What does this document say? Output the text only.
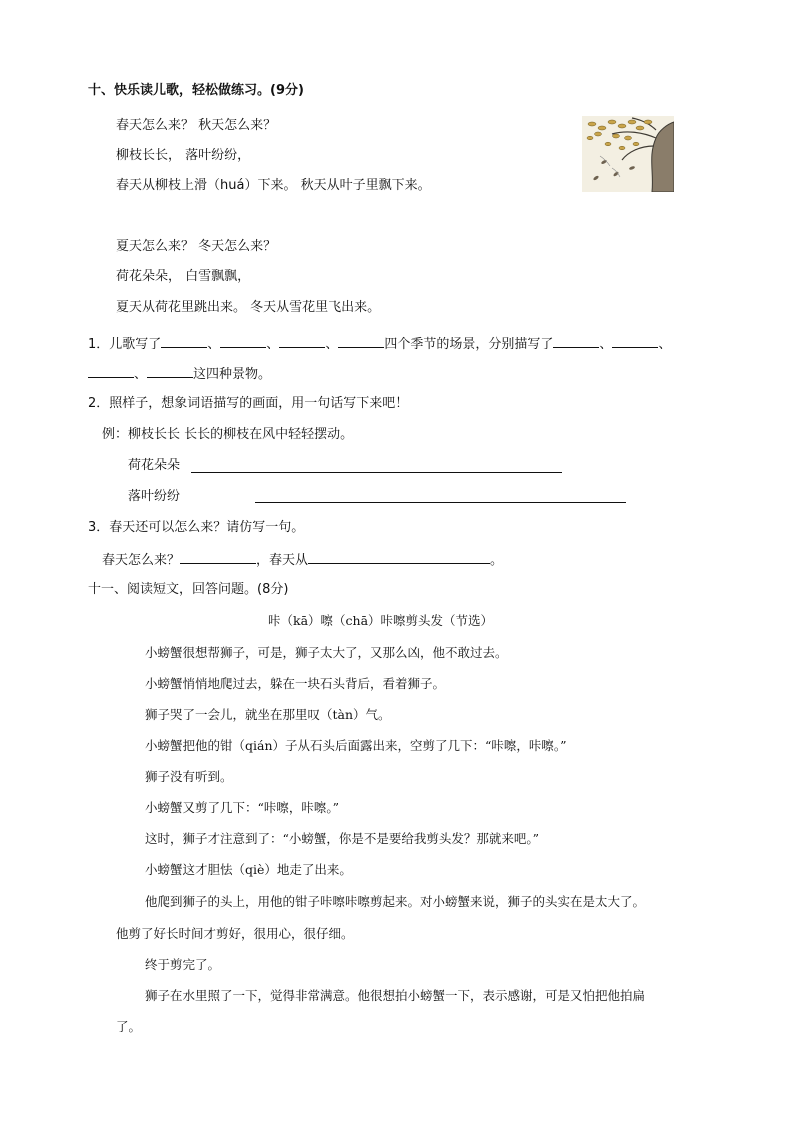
十、快乐读儿歌，轻松做练习。(9分)
春天怎么来？ 秋天怎么来？
柳枝长长， 落叶纷纷，
春天从柳枝上滑（huá）下来。 秋天从叶子里飘下来。
夏天怎么来？ 冬天怎么来？
荷花朵朵， 白雪飘飘，
夏天从荷花里跳出来。 冬天从雪花里飞出来。
1．儿歌写了	、	、	、	四个季节的场景，分别描写了	、	、
、	这四种景物。
2．照样子，想象词语描写的画面，用一句话写下来吧！
例：柳枝长长 长长的柳枝在风中轻轻摆动。
荷花朵朵
落叶纷纷
3．春天还可以怎么来？请仿写一句。
春天怎么来？	，春天从	。
十一、阅读短文，回答问题。(8分)
咔（kā）嚓（chā）咔嚓剪头发（节选）
小螃蟹很想帮狮子，可是，狮子太大了，又那么凶，他不敢过去。
小螃蟹悄悄地爬过去，躲在一块石头背后，看着狮子。
狮子哭了一会儿，就坐在那里叹（tàn）气。
小螃蟹把他的钳（qián）子从石头后面露出来，空剪了几下：“咔嚓，咔嚓。”
狮子没有听到。
小螃蟹又剪了几下：“咔嚓，咔嚓。”
这时，狮子才注意到了：“小螃蟹，你是不是要给我剪头发？那就来吧。”
小螃蟹这才胆怯（qiè）地走了出来。
他爬到狮子的头上，用他的钳子咔嚓咔嚓剪起来。对小螃蟹来说，狮子的头实在是太大了。
他剪了好长时间才剪好，很用心，很仔细。
终于剪完了。
狮子在水里照了一下，觉得非常满意。他很想拍小螃蟹一下，表示感谢，可是又怕把他拍扁
了。
